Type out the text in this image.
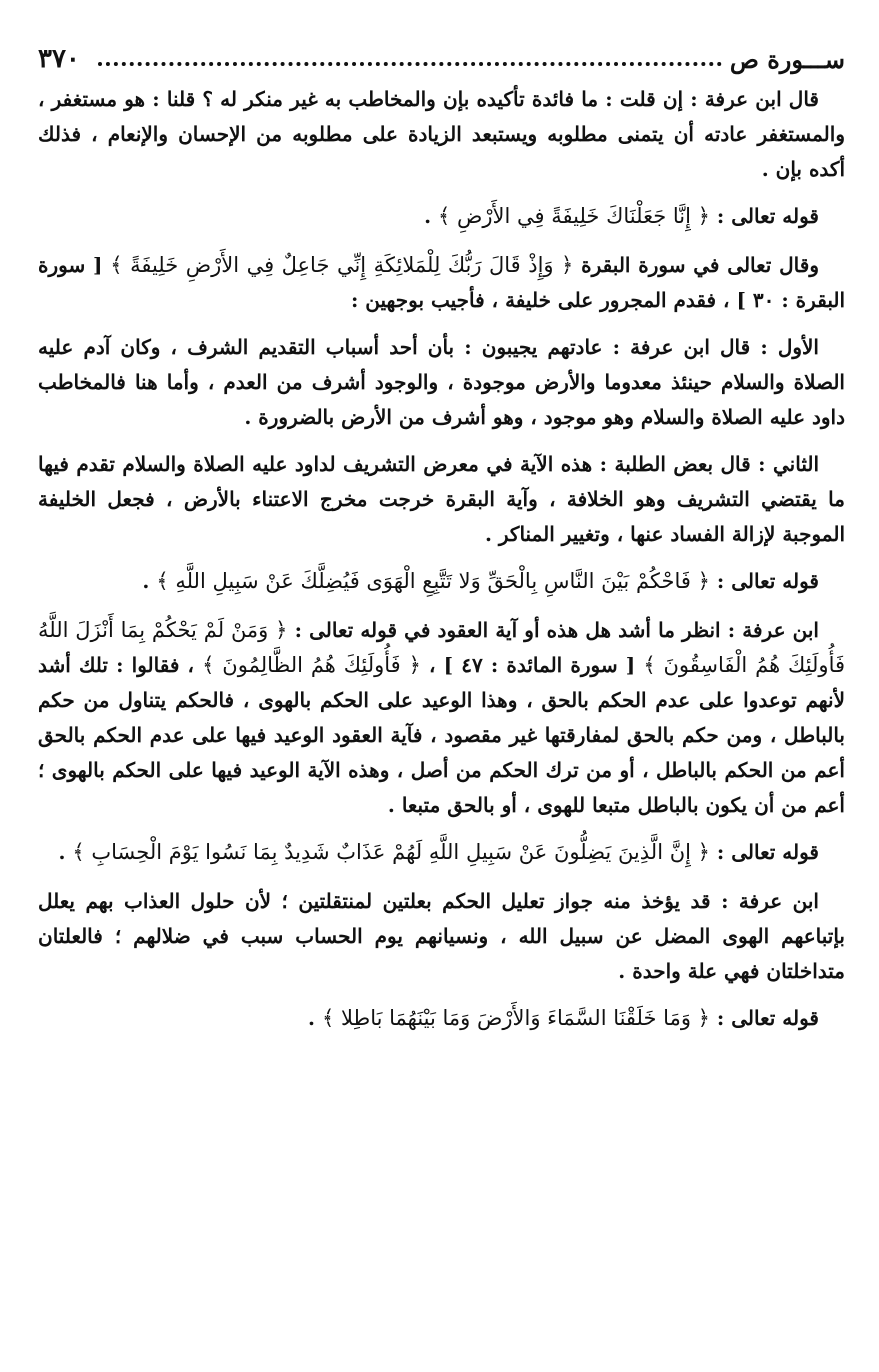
٣٧٠	ســـورة ص

قال ابن عرفة : إن قلت : ما فائدة تأكيده بإن والمخاطب به غير منكر له ؟ قلنا : هو مستغفر ، والمستغفر عادته أن يتمنى مطلوبه ويستبعد الزيادة على مطلوبه من الإحسان والإنعام ، فذلك أكده بإن .

قوله تعالى : ﴿ إِنَّا جَعَلْنَاكَ خَلِيفَةً فِي الأَرْضِ ﴾ .

وقال تعالى في سورة البقرة ﴿ وَإِذْ قَالَ رَبُّكَ لِلْمَلائِكَةِ إِنِّي جَاعِلٌ فِي الأَرْضِ خَلِيفَةً ﴾ [ سورة البقرة : ٣٠ ] ، فقدم المجرور على خليفة ، فأجيب بوجهين :

الأول : قال ابن عرفة : عادتهم يجيبون : بأن أحد أسباب التقديم الشرف ، وكان آدم عليه الصلاة والسلام حينئذ معدوما والأرض موجودة ، والوجود أشرف من العدم ، وأما هنا فالمخاطب داود عليه الصلاة والسلام وهو موجود ، وهو أشرف من الأرض بالضرورة .

الثاني : قال بعض الطلبة : هذه الآية في معرض التشريف لداود عليه الصلاة والسلام تقدم فيها ما يقتضي التشريف وهو الخلافة ، وآية البقرة خرجت مخرج الاعتناء بالأرض ، فجعل الخليفة الموجبة لإزالة الفساد عنها ، وتغيير المناكر .

قوله تعالى : ﴿ فَاحْكُمْ بَيْنَ النَّاسِ بِالْحَقِّ وَلا تَتَّبِعِ الْهَوَى فَيُضِلَّكَ عَنْ سَبِيلِ اللَّهِ ﴾ .

ابن عرفة : انظر ما أشد هل هذه أو آية العقود في قوله تعالى : ﴿ وَمَنْ لَمْ يَحْكُمْ بِمَا أَنْزَلَ اللَّهُ فَأُولَئِكَ هُمُ الْفَاسِقُونَ ﴾ [ سورة المائدة : ٤٧ ] ، ﴿ فَأُولَئِكَ هُمُ الظَّالِمُونَ ﴾ ، فقالوا : تلك أشد لأنهم توعدوا على عدم الحكم بالحق ، وهذا الوعيد على الحكم بالهوى ، فالحكم يتناول من حكم بالباطل ، ومن حكم بالحق لمفارقتها غير مقصود ، فآية العقود الوعيد فيها على عدم الحكم بالحق أعم من الحكم بالباطل ، أو من ترك الحكم من أصل ، وهذه الآية الوعيد فيها على الحكم بالهوى ؛ أعم من أن يكون بالباطل متبعا للهوى ، أو بالحق متبعا .

قوله تعالى : ﴿ إِنَّ الَّذِينَ يَضِلُّونَ عَنْ سَبِيلِ اللَّهِ لَهُمْ عَذَابٌ شَدِيدٌ بِمَا نَسُوا يَوْمَ الْحِسَابِ ﴾ .

ابن عرفة : قد يؤخذ منه جواز تعليل الحكم بعلتين لمنتقلتين ؛ لأن حلول العذاب بهم يعلل بإتباعهم الهوى المضل عن سبيل الله ، ونسيانهم يوم الحساب سبب في ضلالهم ؛ فالعلتان متداخلتان فهي علة واحدة .

قوله تعالى : ﴿ وَمَا خَلَقْنَا السَّمَاءَ وَالأَرْضَ وَمَا بَيْنَهُمَا بَاطِلا ﴾ .
